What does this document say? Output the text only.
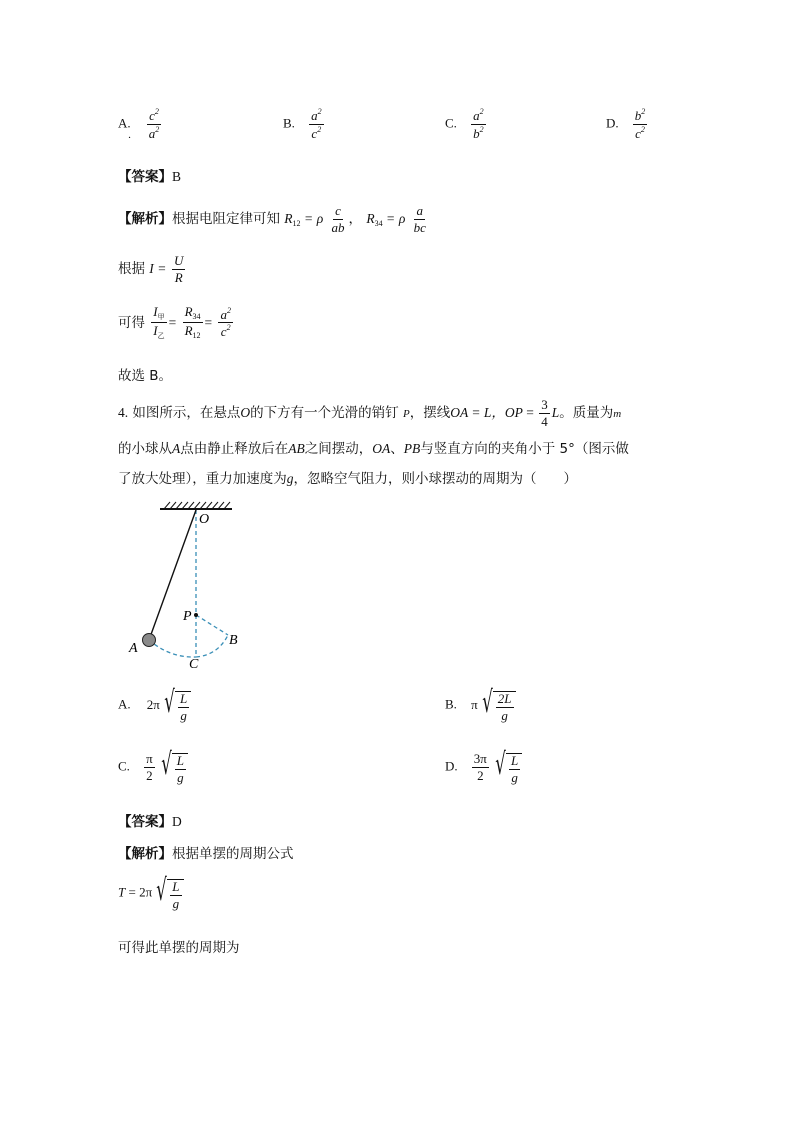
A. $\frac{c^2}{a^2}$
．
B. $\frac{a^2}{c^2}$	C. $\frac{a^2}{b^2}$	D. $\frac{b^2}{c^2}$
【答案】B
【解析】根据电阻定律可知 $R_{12} = \rho \frac{c}{ab}$ ， $R_{34} = \rho \frac{a}{bc}$
根据 $I = \frac{U}{R}$
可得 $\frac{I_甲}{I_乙} = \frac{R_{34}}{R_{12}} = \frac{a^2}{c^2}$
故选 B。
4. 如图所示，在悬点O的下方有一个光滑的销钉 P，摆线OA = L，OP = $\frac{3}{4}$ L。质量为m
的小球从A点由静止释放后在AB之间摆动，OA、PB与竖直方向的夹角小于 5°（图示做
了放大处理），重力加速度为g，忽略空气阻力，则小球摆动的周期为（　　）
O
P
B
A
C
A. 2π √ $\frac{L}{g}$	B. π √ $\frac{2L}{g}$
C. $\frac{\pi}{2}$ √ $\frac{L}{g}$	D. $\frac{3\pi}{2}$ √ $\frac{L}{g}$
【答案】D
【解析】根据单摆的周期公式
T = 2π √ $\frac{L}{g}$
可得此单摆的周期为
